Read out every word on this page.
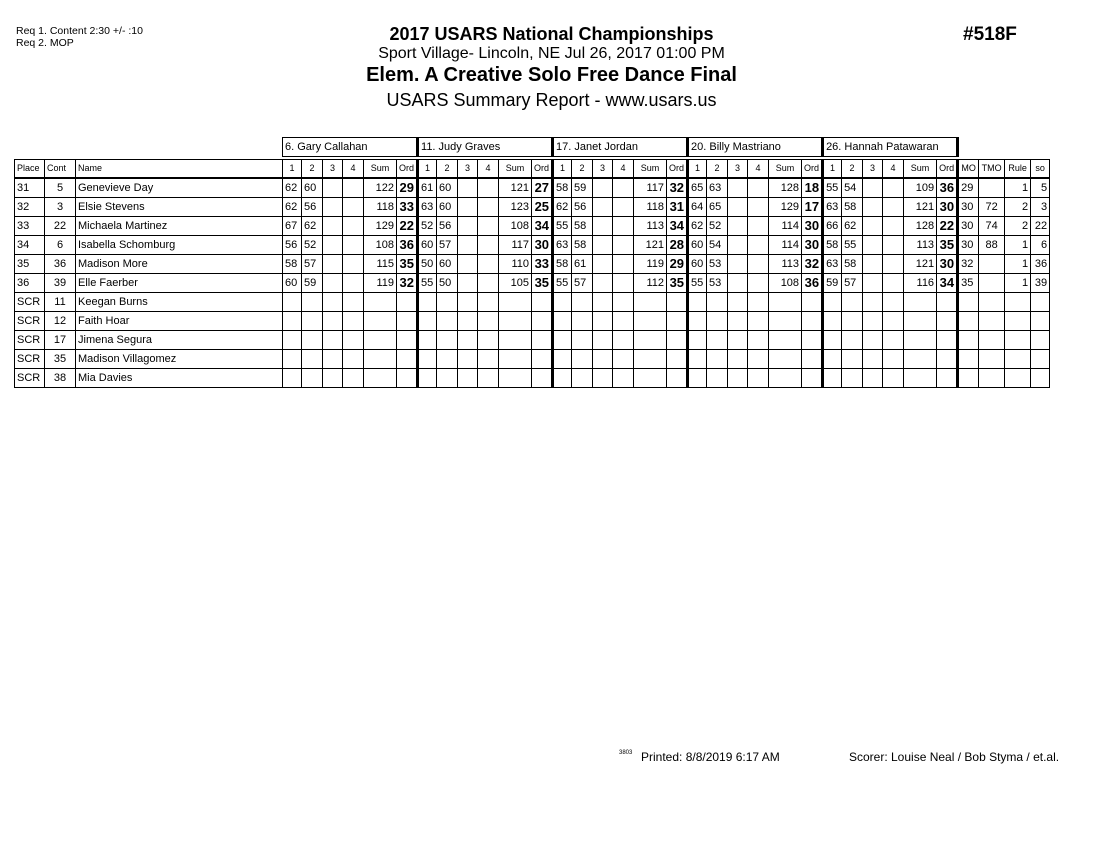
Req 1. Content 2:30 +/- :10
Req 2. MOP	#518F
2017 USARS National Championships
Sport Village- Lincoln, NE Jul 26, 2017 01:00 PM
Elem. A Creative Solo Free Dance Final
USARS Summary Report - www.usars.us
			6. Gary Callahan						11. Judy Graves						17. Janet Jordan						20. Billy Mastriano						26. Hannah Patawaran									

Place	Cont	Name	1	2	3	4	Sum	Ord	1	2	3	4	Sum	Ord	1	2	3	4	Sum	Ord	1	2	3	4	Sum	Ord	1	2	3	4	Sum	Ord	MO	TMO	Rule	so
31	5	Genevieve Day	62	60			122	29	61	60			121	27	58	59			117	32	65	63			128	18	55	54			109	36	29		1	5
32	3	Elsie Stevens	62	56			118	33	63	60			123	25	62	56			118	31	64	65			129	17	63	58			121	30	30	72	2	3
33	22	Michaela Martinez	67	62			129	22	52	56			108	34	55	58			113	34	62	52			114	30	66	62			128	22	30	74	2	22
34	6	Isabella Schomburg	56	52			108	36	60	57			117	30	63	58			121	28	60	54			114	30	58	55			113	35	30	88	1	6
35	36	Madison More	58	57			115	35	50	60			110	33	58	61			119	29	60	53			113	32	63	58			121	30	32		1	36
36	39	Elle Faerber	60	59			119	32	55	50			105	35	55	57			112	35	55	53			108	36	59	57			116	34	35		1	39
SCR	11	Keegan Burns																																		
SCR	12	Faith Hoar																																		
SCR	17	Jimena Segura																																		
SCR	35	Madison Villagomez																																		
SCR	38	Mia Davies																																		
3803 Printed: 8/8/2019 6:17 AM	Scorer: Louise Neal / Bob Styma / et.al.
